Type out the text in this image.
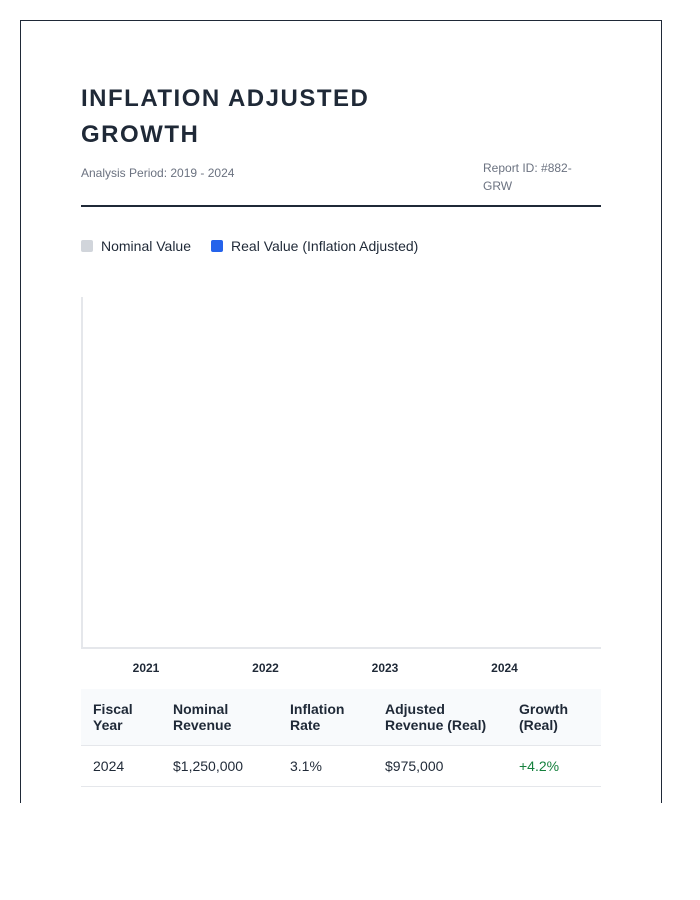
INFLATION ADJUSTED GROWTH
Analysis Period: 2019 - 2024	Report ID: #882-GRW
Nominal Value	Real Value (Inflation Adjusted)
2021	2022	2023	2024
Fiscal Year	Nominal Revenue	Inflation Rate	Adjusted Revenue (Real)	Growth (Real)
2024	$1,250,000	3.1%	$975,000	+4.2%
